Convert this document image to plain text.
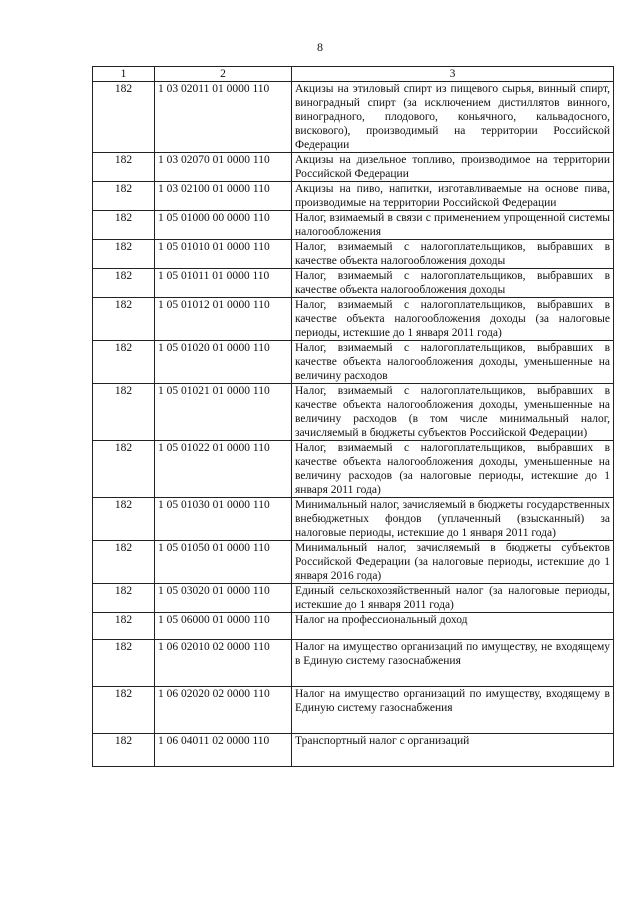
8
1	2	3
182	1 03 02011 01 0000 110	Акцизы на этиловый спирт из пищевого сырья, винный спирт, виноградный спирт (за исключением дистиллятов винного, виноградного, плодового, коньячного, кальвадосного, вискового), производимый на территории Российской Федерации
182	1 03 02070 01 0000 110	Акцизы на дизельное топливо, производимое на территории Российской Федерации
182	1 03 02100 01 0000 110	Акцизы на пиво, напитки, изготавливаемые на основе пива, производимые на территории Российской Федерации
182	1 05 01000 00 0000 110	Налог, взимаемый в связи с применением упрощенной системы налогообложения
182	1 05 01010 01 0000 110	Налог, взимаемый с налогоплательщиков, выбравших в качестве объекта налогообложения доходы
182	1 05 01011 01 0000 110	Налог, взимаемый с налогоплательщиков, выбравших в качестве объекта налогообложения доходы
182	1 05 01012 01 0000 110	Налог, взимаемый с налогоплательщиков, выбравших в качестве объекта налогообложения доходы (за налоговые периоды, истекшие до 1 января 2011 года)
182	1 05 01020 01 0000 110	Налог, взимаемый с налогоплательщиков, выбравших в качестве объекта налогообложения доходы, уменьшенные на величину расходов
182	1 05 01021 01 0000 110	Налог, взимаемый с налогоплательщиков, выбравших в качестве объекта налогообложения доходы, уменьшенные на величину расходов (в том числе минимальный налог, зачисляемый в бюджеты субъектов Российской Федерации)
182	1 05 01022 01 0000 110	Налог, взимаемый с налогоплательщиков, выбравших в качестве объекта налогообложения доходы, уменьшенные на величину расходов (за налоговые периоды, истекшие до 1 января 2011 года)
182	1 05 01030 01 0000 110	Минимальный налог, зачисляемый в бюджеты государственных внебюджетных фондов (уплаченный (взысканный) за налоговые периоды, истекшие до 1 января 2011 года)
182	1 05 01050 01 0000 110	Минимальный налог, зачисляемый в бюджеты субъектов Российской Федерации (за налоговые периоды, истекшие до 1 января 2016 года)
182	1 05 03020 01 0000 110	Единый сельскохозяйственный налог (за налоговые периоды, истекшие до 1 января 2011 года)
182	1 05 06000 01 0000 110	Налог на профессиональный доход
182	1 06 02010 02 0000 110	Налог на имущество организаций по имуществу, не входящему в Единую систему газоснабжения
182	1 06 02020 02 0000 110	Налог на имущество организаций по имуществу, входящему в Единую систему газоснабжения
182	1 06 04011 02 0000 110	Транспортный налог с организаций
